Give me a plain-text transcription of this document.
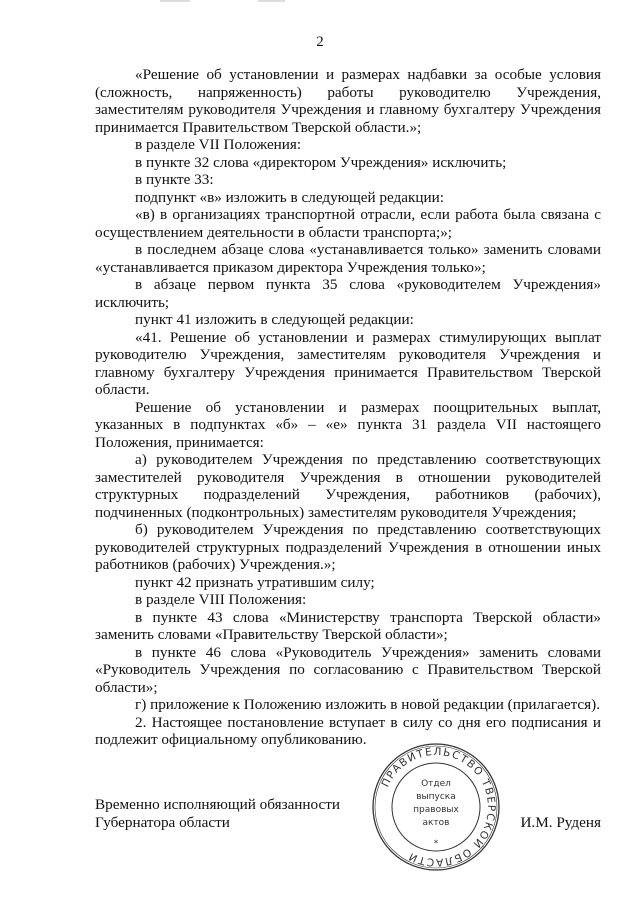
2

«Решение об установлении и размерах надбавки за особые условия (сложность, напряженность) работы руководителю Учреждения, заместителям руководителя Учреждения и главному бухгалтеру Учреждения принимается Правительством Тверской области.»;

в разделе VII Положения:

в пункте 32 слова «директором Учреждения» исключить;

в пункте 33:

подпункт «в» изложить в следующей редакции:

«в) в организациях транспортной отрасли, если работа была связана с осуществлением деятельности в области транспорта;»;

в последнем абзаце слова «устанавливается только» заменить словами «устанавливается приказом директора Учреждения только»;

в абзаце первом пункта 35 слова «руководителем Учреждения» исключить;

пункт 41 изложить в следующей редакции:

«41. Решение об установлении и размерах стимулирующих выплат руководителю Учреждения, заместителям руководителя Учреждения и главному бухгалтеру Учреждения принимается Правительством Тверской области.

Решение об установлении и размерах поощрительных выплат, указанных в подпунктах «б» – «е» пункта 31 раздела VII настоящего Положения, принимается:

а) руководителем Учреждения по представлению соответствующих заместителей руководителя Учреждения в отношении руководителей структурных подразделений Учреждения, работников (рабочих), подчиненных (подконтрольных) заместителям руководителя Учреждения;

б) руководителем Учреждения по представлению соответствующих руководителей структурных подразделений Учреждения в отношении иных работников (рабочих) Учреждения.»;

пункт 42 признать утратившим силу;

в разделе VIII Положения:

в пункте 43 слова «Министерству транспорта Тверской области» заменить словами «Правительству Тверской области»;

в пункте 46 слова «Руководитель Учреждения» заменить словами «Руководитель Учреждения по согласованию с Правительством Тверской области»;

г) приложение к Положению изложить в новой редакции (прилагается).

2. Настоящее постановление вступает в силу со дня его подписания и подлежит официальному опубликованию.

Временно исполняющий обязанности
Губернатора области	И.М. Руденя
ПРАВИТЕЛЬСТВО ТВЕРСКОЙ ОБЛАСТИ
Отдел
выпуска
правовых
актов
*
